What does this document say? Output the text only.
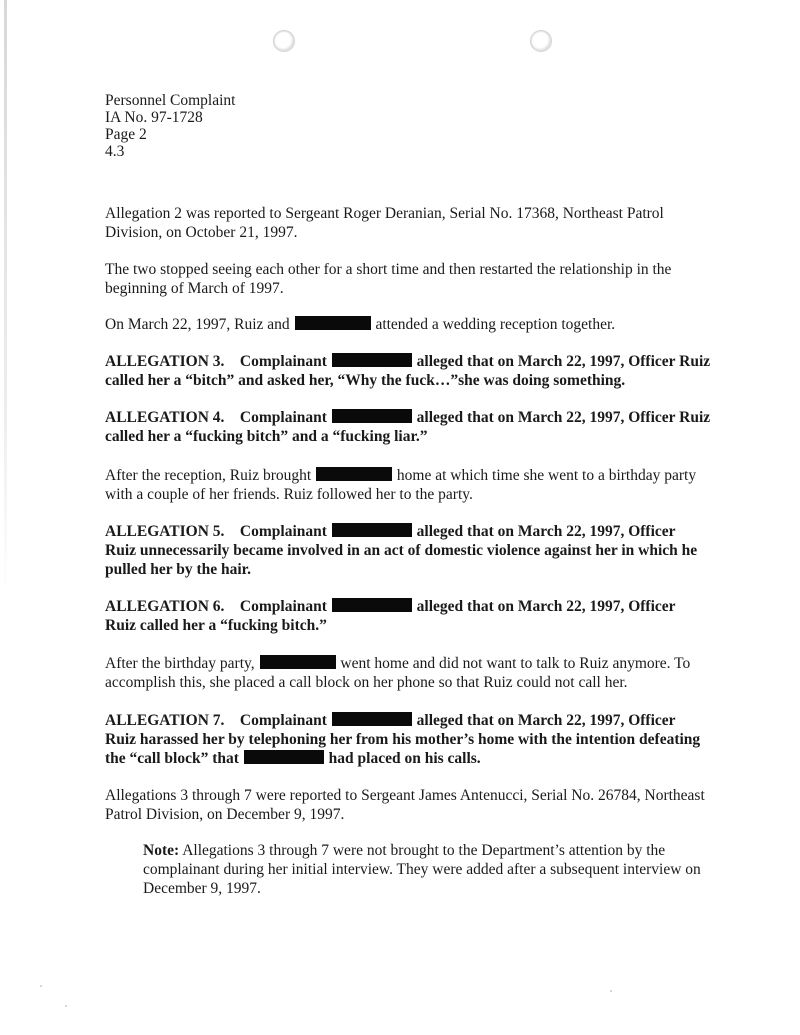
Personnel Complaint
IA No. 97-1728
Page 2
4.3

Allegation 2 was reported to Sergeant Roger Deranian, Serial No. 17368, Northeast Patrol Division, on October 21, 1997.

The two stopped seeing each other for a short time and then restarted the relationship in the beginning of March of 1997.

On March 22, 1997, Ruiz and	attended a wedding reception together.

ALLEGATION 3.    Complainant	alleged that on March 22, 1997, Officer Ruiz called her a “bitch” and asked her, “Why the fuck…”she was doing something.

ALLEGATION 4.    Complainant	alleged that on March 22, 1997, Officer Ruiz called her a “fucking bitch” and a “fucking liar.”

After the reception, Ruiz brought	home at which time she went to a birthday party with a couple of her friends. Ruiz followed her to the party.

ALLEGATION 5.    Complainant	alleged that on March 22, 1997, Officer Ruiz unnecessarily became involved in an act of domestic violence against her in which he pulled her by the hair.

ALLEGATION 6.    Complainant	alleged that on March 22, 1997, Officer Ruiz called her a “fucking bitch.”

After the birthday party,	went home and did not want to talk to Ruiz anymore. To accomplish this, she placed a call block on her phone so that Ruiz could not call her.

ALLEGATION 7.    Complainant	alleged that on March 22, 1997, Officer Ruiz harassed her by telephoning her from his mother’s home with the intention defeating the “call block” that	had placed on his calls.

Allegations 3 through 7 were reported to Sergeant James Antenucci, Serial No. 26784, Northeast Patrol Division, on December 9, 1997.

Note: Allegations 3 through 7 were not brought to the Department’s attention by the complainant during her initial interview. They were added after a subsequent interview on December 9, 1997.
